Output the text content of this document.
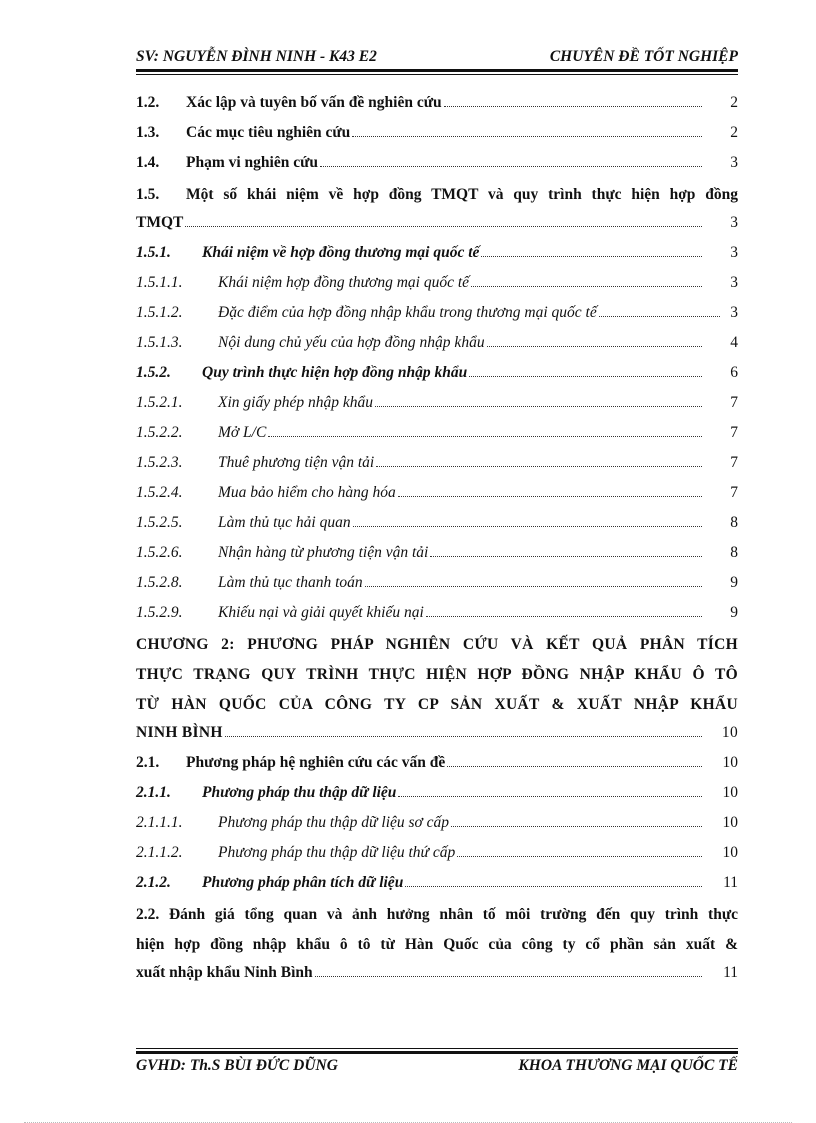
SV: NGUYỄN ĐÌNH NINH - K43 E2	CHUYÊN ĐỀ TỐT NGHIỆP
1.2. Xác lập và tuyên bố vấn đề nghiên cứu	2
1.3. Các mục tiêu nghiên cứu	2
1.4. Phạm vi nghiên cứu	3
1.5. Một số khái niệm về hợp đồng TMQT và quy trình thực hiện hợp đồng
TMQT	3
1.5.1. Khái niệm về hợp đồng thương mại quốc tế	3
1.5.1.1. Khái niệm hợp đồng thương mại quốc tế	3
1.5.1.2. Đặc điểm của hợp đồng nhập khẩu trong thương mại quốc tế	3
1.5.1.3. Nội dung chủ yếu của hợp đồng nhập khẩu	4
1.5.2. Quy trình thực hiện hợp đồng nhập khẩu	6
1.5.2.1. Xin giấy phép nhập khẩu	7
1.5.2.2. Mở L/C	7
1.5.2.3. Thuê phương tiện vận tải	7
1.5.2.4. Mua bảo hiểm cho hàng hóa	7
1.5.2.5. Làm thủ tục hải quan	8
1.5.2.6. Nhận hàng từ phương tiện vận tải	8
1.5.2.8. Làm thủ tục thanh toán	9
1.5.2.9. Khiếu nại và giải quyết khiếu nại	9
CHƯƠNG 2: PHƯƠNG PHÁP NGHIÊN CỨU VÀ KẾT QUẢ PHÂN TÍCH
THỰC TRẠNG QUY TRÌNH THỰC HIỆN HỢP ĐỒNG NHẬP KHẨU Ô TÔ
TỪ HÀN QUỐC CỦA CÔNG TY CP SẢN XUẤT & XUẤT NHẬP KHẨU
NINH BÌNH	10
2.1. Phương pháp hệ nghiên cứu các vấn đề	10
2.1.1. Phương pháp thu thập dữ liệu	10
2.1.1.1. Phương pháp thu thập dữ liệu sơ cấp	10
2.1.1.2. Phương pháp thu thập dữ liệu thứ cấp	10
2.1.2. Phương pháp phân tích dữ liệu	11
2.2. Đánh giá tổng quan và ảnh hưởng nhân tố môi trường đến quy trình thực
hiện hợp đồng nhập khẩu ô tô từ Hàn Quốc của công ty cổ phần sản xuất &
xuất nhập khẩu Ninh Bình	11
GVHD: Th.S BÙI ĐỨC DŨNG	KHOA THƯƠNG MẠI QUỐC TẾ
